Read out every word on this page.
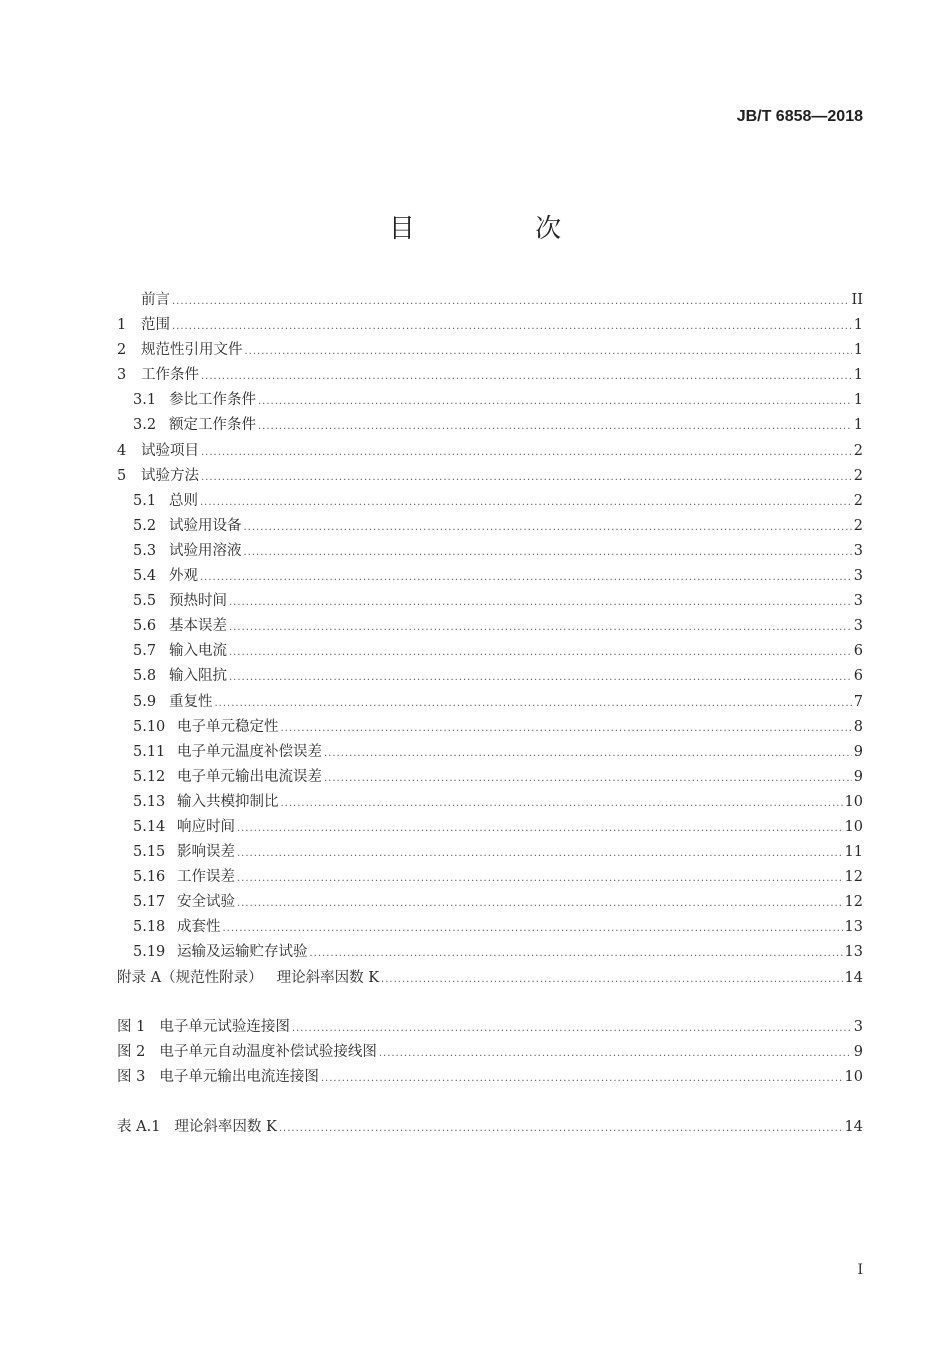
JB/T 6858—2018
目 次
前言 .....	II
1	范围 .....	1
2	规范性引用文件 .....	1
3	工作条件 .....	1
3.1 参比工作条件 .....	1
3.2 额定工作条件 .....	1
4	试验项目 .....	2
5	试验方法 .....	2
5.1 总则 .....	2
5.2 试验用设备 .....	2
5.3 试验用溶液 .....	3
5.4 外观 .....	3
5.5 预热时间 .....	3
5.6 基本误差 .....	3
5.7 输入电流 .....	6
5.8 输入阻抗 .....	6
5.9 重复性 .....	7
5.10 电子单元稳定性 .....	8
5.11 电子单元温度补偿误差 .....	9
5.12 电子单元输出电流误差 .....	9
5.13 输入共模抑制比 .....	10
5.14 响应时间 .....	10
5.15 影响误差 .....	11
5.16 工作误差 .....	12
5.17 安全试验 .....	12
5.18 成套性 .....	13
5.19 运输及运输贮存试验 .....	13
附录 A（规范性附录） 理论斜率因数 K .....	14
图 1 电子单元试验连接图 .....	3
图 2 电子单元自动温度补偿试验接线图 .....	9
图 3 电子单元输出电流连接图 .....	10
表 A.1 理论斜率因数 K .....	14
I
